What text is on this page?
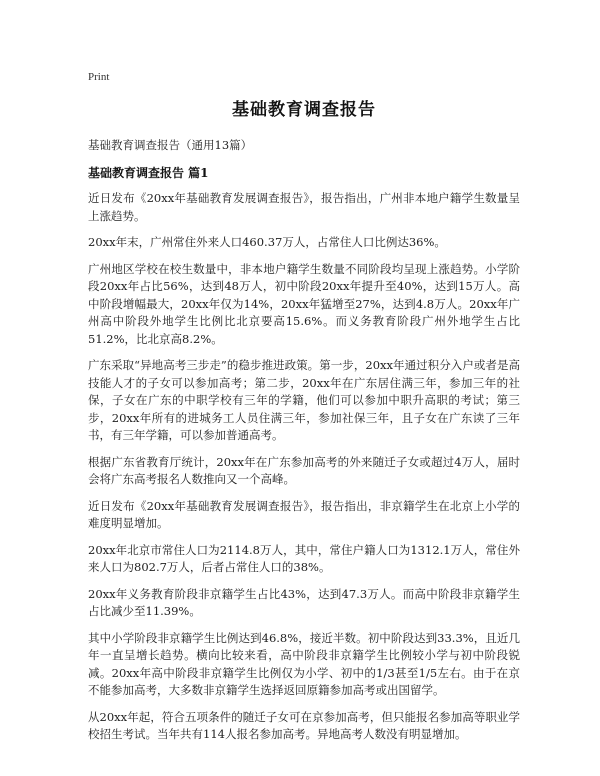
Print
基础教育调查报告
基础教育调查报告（通用13篇）
基础教育调查报告 篇1

近日发布《20xx年基础教育发展调查报告》，报告指出，广州非本地户籍学生数量呈上涨趋势。

20xx年末，广州常住外来人口460.37万人，占常住人口比例达36%。

广州地区学校在校生数量中，非本地户籍学生数量不同阶段均呈现上涨趋势。小学阶段20xx年占比56%，达到48万人，初中阶段20xx年提升至40%，达到15万人。高中阶段增幅最大，20xx年仅为14%，20xx年猛增至27%，达到4.8万人。20xx年广州高中阶段外地学生比例比北京要高15.6%。而义务教育阶段广州外地学生占比51.2%，比北京高8.2%。

广东采取“异地高考三步走”的稳步推进政策。第一步，20xx年通过积分入户或者是高技能人才的子女可以参加高考；第二步，20xx年在广东居住满三年，参加三年的社保，子女在广东的中职学校有三年的学籍，他们可以参加中职升高职的考试；第三步，20xx年所有的进城务工人员住满三年，参加社保三年，且子女在广东读了三年书，有三年学籍，可以参加普通高考。

根据广东省教育厅统计，20xx年在广东参加高考的外来随迁子女或超过4万人，届时会将广东高考报名人数推向又一个高峰。

近日发布《20xx年基础教育发展调查报告》，报告指出，非京籍学生在北京上小学的难度明显增加。

20xx年北京市常住人口为2114.8万人，其中，常住户籍人口为1312.1万人，常住外来人口为802.7万人，后者占常住人口的38%。

20xx年义务教育阶段非京籍学生占比43%，达到47.3万人。而高中阶段非京籍学生占比减少至11.39%。

其中小学阶段非京籍学生比例达到46.8%，接近半数。初中阶段达到33.3%，且近几年一直呈增长趋势。横向比较来看，高中阶段非京籍学生比例较小学与初中阶段锐减。20xx年高中阶段非京籍学生比例仅为小学、初中的1/3甚至1/5左右。由于在京不能参加高考，大多数非京籍学生选择返回原籍参加高考或出国留学。

从20xx年起，符合五项条件的随迁子女可在京参加高考，但只能报名参加高等职业学校招生考试。当年共有114人报名参加高考。异地高考人数没有明显增加。
